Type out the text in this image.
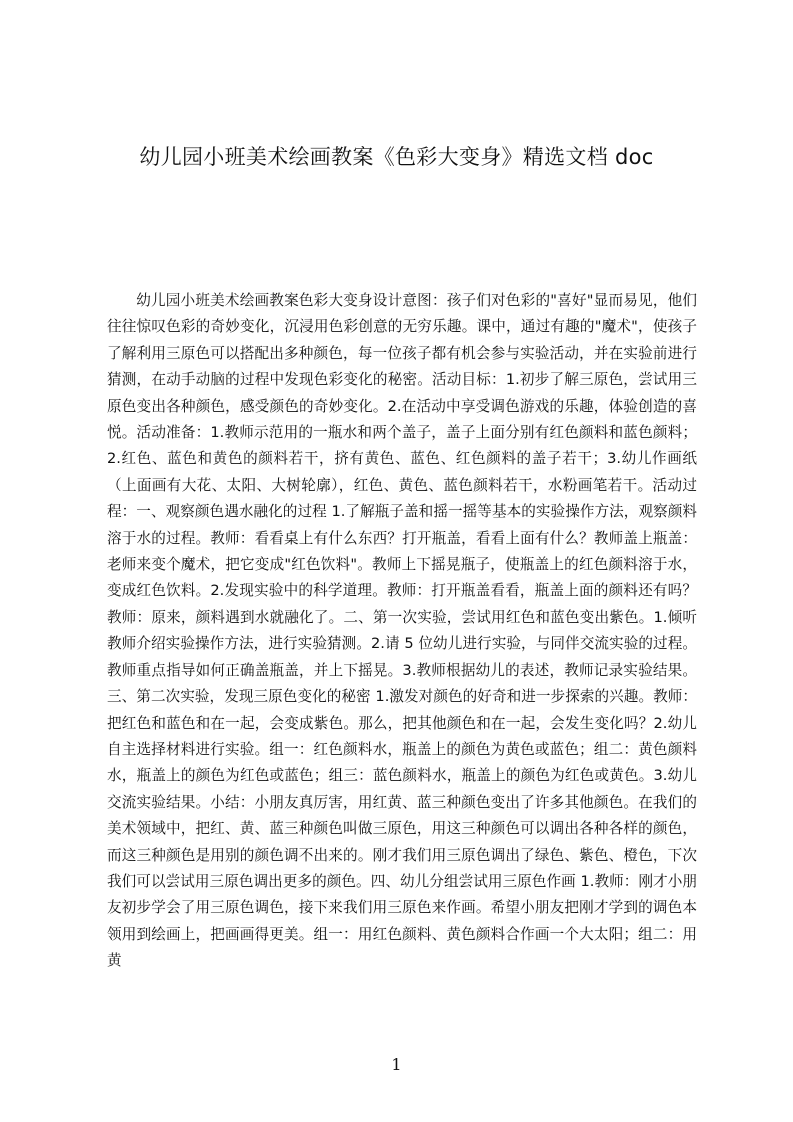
幼儿园小班美术绘画教案《色彩大变身》精选文档 doc

幼儿园小班美术绘画教案色彩大变身设计意图：孩子们对色彩的"喜好"显而易见，他们往往惊叹色彩的奇妙变化，沉浸用色彩创意的无穷乐趣。课中，通过有趣的"魔术"，使孩子了解利用三原色可以搭配出多种颜色，每一位孩子都有机会参与实验活动，并在实验前进行猜测，在动手动脑的过程中发现色彩变化的秘密。活动目标：1.初步了解三原色，尝试用三原色变出各种颜色，感受颜色的奇妙变化。2.在活动中享受调色游戏的乐趣，体验创造的喜悦。活动准备：1.教师示范用的一瓶水和两个盖子，盖子上面分别有红色颜料和蓝色颜料；2.红色、蓝色和黄色的颜料若干，挤有黄色、蓝色、红色颜料的盖子若干；3.幼儿作画纸（上面画有大花、太阳、大树轮廓），红色、黄色、蓝色颜料若干，水粉画笔若干。活动过程：一、观察颜色遇水融化的过程 1.了解瓶子盖和摇一摇等基本的实验操作方法，观察颜料溶于水的过程。教师：看看桌上有什么东西？打开瓶盖，看看上面有什么？教师盖上瓶盖：老师来变个魔术，把它变成"红色饮料"。教师上下摇晃瓶子，使瓶盖上的红色颜料溶于水，变成红色饮料。2.发现实验中的科学道理。教师：打开瓶盖看看，瓶盖上面的颜料还有吗？教师：原来，颜料遇到水就融化了。二、第一次实验，尝试用红色和蓝色变出紫色。1.倾听教师介绍实验操作方法，进行实验猜测。2.请 5 位幼儿进行实验，与同伴交流实验的过程。教师重点指导如何正确盖瓶盖，并上下摇晃。3.教师根据幼儿的表述，教师记录实验结果。三、第二次实验，发现三原色变化的秘密 1.激发对颜色的好奇和进一步探索的兴趣。教师：把红色和蓝色和在一起，会变成紫色。那么，把其他颜色和在一起，会发生变化吗？2.幼儿自主选择材料进行实验。组一：红色颜料水，瓶盖上的颜色为黄色或蓝色；组二：黄色颜料水，瓶盖上的颜色为红色或蓝色；组三：蓝色颜料水，瓶盖上的颜色为红色或黄色。3.幼儿交流实验结果。小结：小朋友真厉害，用红黄、蓝三种颜色变出了许多其他颜色。在我们的美术领域中，把红、黄、蓝三种颜色叫做三原色，用这三种颜色可以调出各种各样的颜色，而这三种颜色是用别的颜色调不出来的。刚才我们用三原色调出了绿色、紫色、橙色，下次我们可以尝试用三原色调出更多的颜色。四、幼儿分组尝试用三原色作画 1.教师：刚才小朋友初步学会了用三原色调色，接下来我们用三原色来作画。希望小朋友把刚才学到的调色本领用到绘画上，把画画得更美。组一：用红色颜料、黄色颜料合作画一个大太阳；组二：用黄

1
